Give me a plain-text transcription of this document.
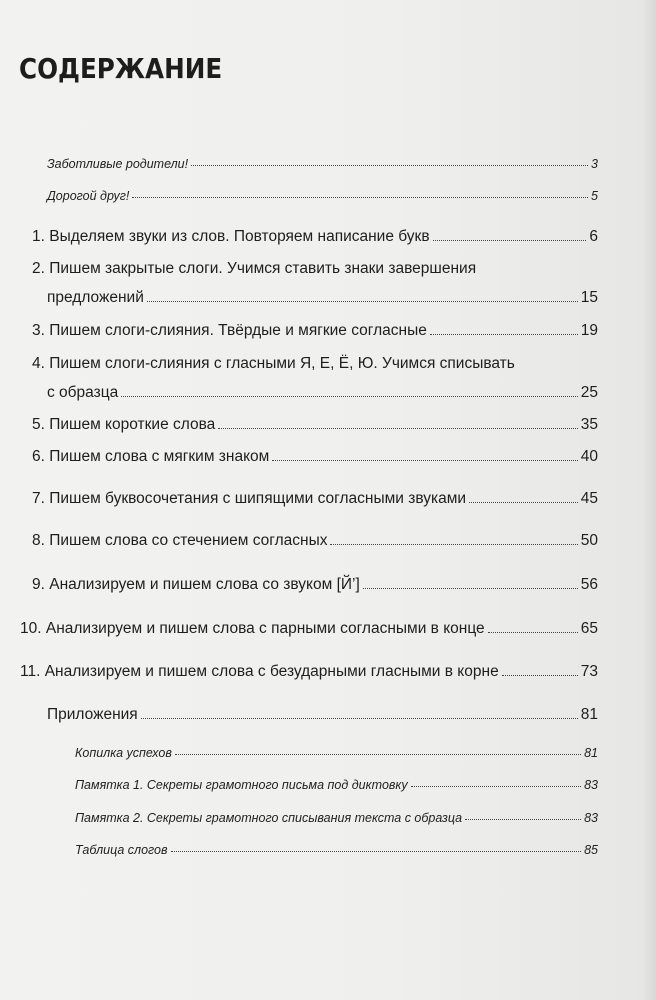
СОДЕРЖАНИЕ
Заботливые родители!	3
Дорогой друг!	5
1. Выделяем звуки из слов. Повторяем написание букв	6
2. Пишем закрытые слоги. Учимся ставить знаки завершения
предложений	15
3. Пишем слоги-слияния. Твёрдые и мягкие согласные	19
4. Пишем слоги-слияния с гласными Я, Е, Ё, Ю. Учимся списывать
с образца	25
5. Пишем короткие слова	35
6. Пишем слова с мягким знаком	40
7. Пишем буквосочетания с шипящими согласными звуками	45
8. Пишем слова со стечением согласных	50
9. Анализируем и пишем слова со звуком [Й’]	56
10. Анализируем и пишем слова с парными согласными в конце	65
11. Анализируем и пишем слова с безударными гласными в корне	73
Приложения	81
Копилка успехов	81
Памятка 1. Секреты грамотного письма под диктовку	83
Памятка 2. Секреты грамотного списывания текста с образца	83
Таблица слогов	85
